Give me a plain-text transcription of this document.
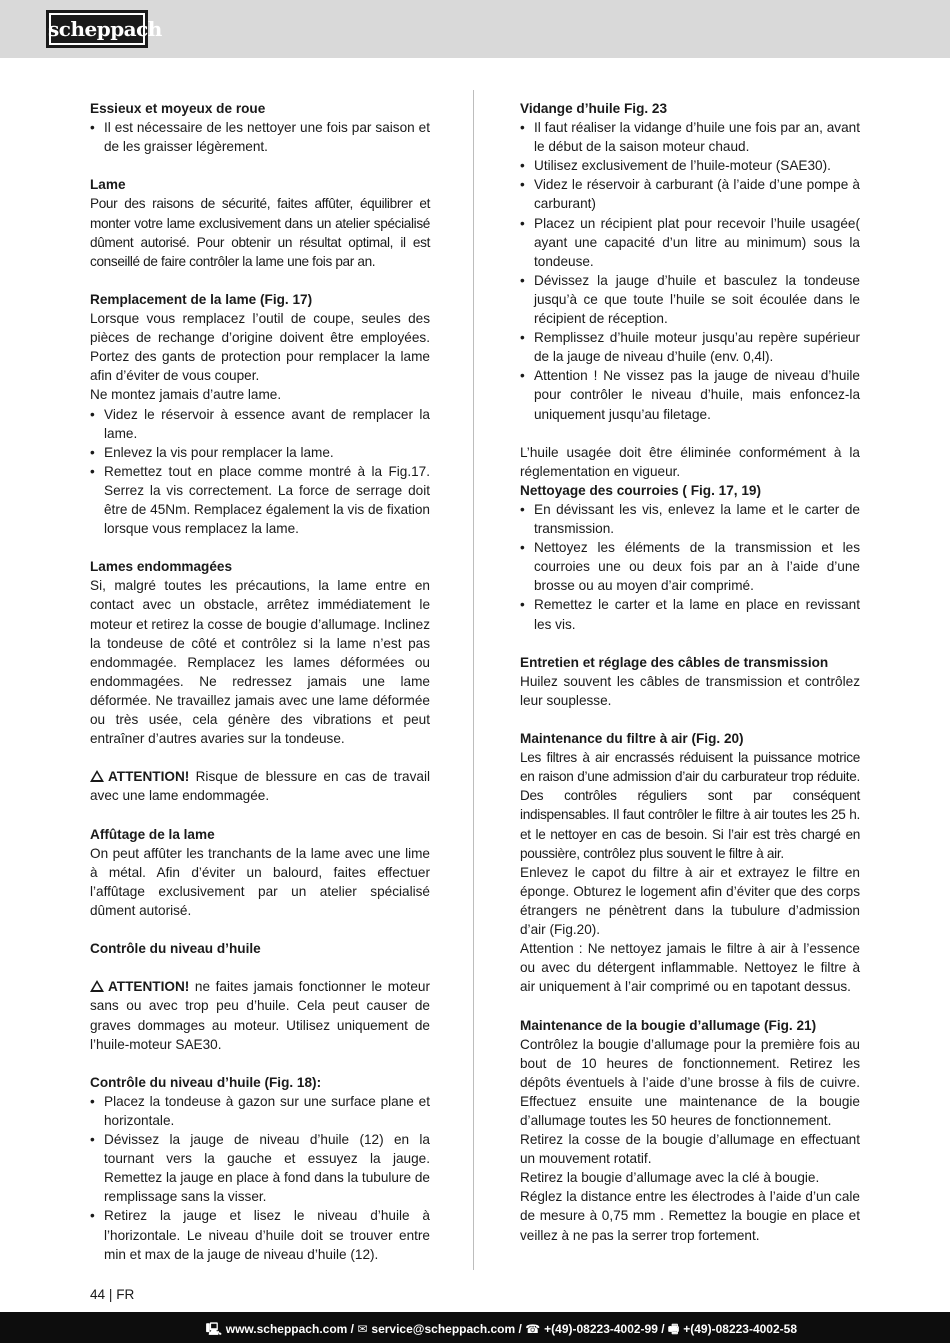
scheppach
Essieux et moyeux de roue
• Il est nécessaire de les nettoyer une fois par saison et de les graisser légèrement.
Lame

Pour des raisons de sécurité, faites affûter, équilibrer et monter votre lame exclusivement dans un atelier spécialisé dûment autorisé. Pour obtenir un résultat optimal, il est conseillé de faire contrôler la lame une fois par an.

Remplacement de la lame (Fig. 17)

Lorsque vous remplacez l’outil de coupe, seules des pièces de rechange d’origine doivent être employées. Portez des gants de protection pour remplacer la lame afin d’éviter de vous couper.

Ne montez jamais d’autre lame.

• Videz le réservoir à essence avant de remplacer la lame.
• Enlevez la vis pour remplacer la lame.
• Remettez tout en place comme montré à la Fig.17. Serrez la vis correctement. La force de serrage doit être de 45Nm. Remplacez également la vis de fixation lorsque vous remplacez la lame.
Lames endommagées

Si, malgré toutes les précautions, la lame entre en contact avec un obstacle, arrêtez immédiatement le moteur et retirez la cosse de bougie d’allumage. Inclinez la tondeuse de côté et contrôlez si la lame n’est pas endommagée. Remplacez les lames déformées ou endommagées. Ne redressez jamais une lame déformée. Ne travaillez jamais avec une lame déformée ou très usée, cela génère des vibrations et peut entraîner d’autres avaries sur la tondeuse.

ATTENTION! Risque de blessure en cas de travail avec une lame endommagée.

Affûtage de la lame

On peut affûter les tranchants de la lame avec une lime à métal. Afin d’éviter un balourd, faites effectuer l’affûtage exclusivement par un atelier spécialisé dûment autorisé.

Contrôle du niveau d’huile

ATTENTION! ne faites jamais fonctionner le moteur sans ou avec trop peu d’huile. Cela peut causer de graves dommages au moteur. Utilisez uniquement de l’huile-moteur SAE30.

Contrôle du niveau d’huile (Fig. 18):
• Placez la tondeuse à gazon sur une surface plane et horizontale.
• Dévissez la jauge de niveau d’huile (12) en la tournant vers la gauche et essuyez la jauge. Remettez la jauge en place à fond dans la tubulure de remplissage sans la visser.
• Retirez la jauge et lisez le niveau d’huile à l’horizontale. Le niveau d’huile doit se trouver entre min et max de la jauge de niveau d’huile (12).
Vidange d’huile Fig. 23
• Il faut réaliser la vidange d’huile une fois par an, avant le début de la saison moteur chaud.
• Utilisez exclusivement de l’huile-moteur (SAE30).
• Videz le réservoir à carburant (à l’aide d’une pompe à carburant)
• Placez un récipient plat pour recevoir l’huile usagée( ayant une capacité d’un litre au minimum) sous la tondeuse.
• Dévissez la jauge d’huile et basculez la tondeuse jusqu’à ce que toute l’huile se soit écoulée dans le récipient de réception.
• Remplissez d’huile moteur jusqu’au repère supérieur de la jauge de niveau d’huile (env. 0,4l).
• Attention ! Ne vissez pas la jauge de niveau d’huile pour contrôler le niveau d’huile, mais enfoncez-la uniquement jusqu’au filetage.

L’huile usagée doit être éliminée conformément à la réglementation en vigueur.

Nettoyage des courroies ( Fig. 17, 19)
• En dévissant les vis, enlevez la lame et le carter de transmission.
• Nettoyez les éléments de la transmission et les courroies une ou deux fois par an à l’aide d’une brosse ou au moyen d’air comprimé.
• Remettez le carter et la lame en place en revissant les vis.
Entretien et réglage des câbles de transmission

Huilez souvent les câbles de transmission et contrôlez leur souplesse.

Maintenance du filtre à air (Fig. 20)

Les filtres à air encrassés réduisent la puissance motrice en raison d’une admission d’air du carburateur trop réduite. Des contrôles réguliers sont par conséquent indispensables. Il faut contrôler le filtre à air toutes les 25 h. et le nettoyer en cas de besoin. Si l’air est très chargé en poussière, contrôlez plus souvent le filtre à air.

Enlevez le capot du filtre à air et extrayez le filtre en éponge. Obturez le logement afin d’éviter que des corps étrangers ne pénètrent dans la tubulure d’admission d’air (Fig.20).

Attention : Ne nettoyez jamais le filtre à air à l’essence ou avec du détergent inflammable. Nettoyez le filtre à air uniquement à l’air comprimé ou en tapotant dessus.

Maintenance de la bougie d’allumage (Fig. 21)

Contrôlez la bougie d’allumage pour la première fois au bout de 10 heures de fonctionnement. Retirez les dépôts éventuels à l’aide d’une brosse à fils de cuivre. Effectuez ensuite une maintenance de la bougie d’allumage toutes les 50 heures de fonctionnement.

Retirez la cosse de la bougie d’allumage en effectuant un mouvement rotatif.

Retirez la bougie d’allumage avec la clé à bougie.

Réglez la distance entre les électrodes à l’aide d’un cale de mesure à 0,75 mm . Remettez la bougie en place et veillez à ne pas la serrer trop fortement.

44 | FR
🖳 www.scheppach.com / ✉ service@scheppach.com / ☎ +(49)-08223-4002-99 / 🖷 +(49)-08223-4002-58
